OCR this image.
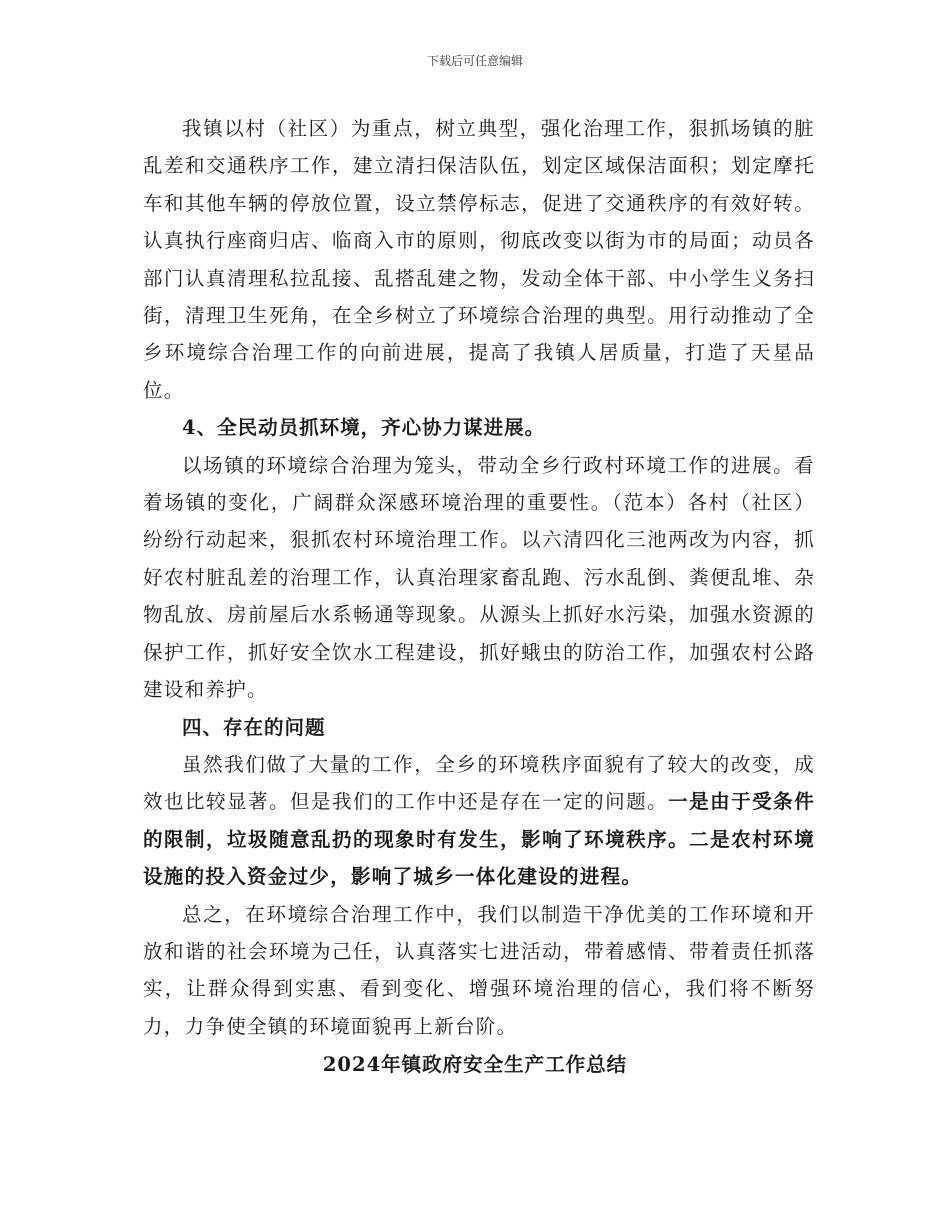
下载后可任意编辑

我镇以村（社区）为重点，树立典型，强化治理工作，狠抓场镇的脏乱差和交通秩序工作，建立清扫保洁队伍，划定区域保洁面积；划定摩托车和其他车辆的停放位置，设立禁停标志，促进了交通秩序的有效好转。认真执行座商归店、临商入市的原则，彻底改变以街为市的局面；动员各部门认真清理私拉乱接、乱搭乱建之物，发动全体干部、中小学生义务扫街，清理卫生死角，在全乡树立了环境综合治理的典型。用行动推动了全乡环境综合治理工作的向前进展，提高了我镇人居质量，打造了天星品位。

4、全民动员抓环境，齐心协力谋进展。

以场镇的环境综合治理为笼头，带动全乡行政村环境工作的进展。看着场镇的变化，广阔群众深感环境治理的重要性。（范本）各村（社区）纷纷行动起来，狠抓农村环境治理工作。以六清四化三池两改为内容，抓好农村脏乱差的治理工作，认真治理家畜乱跑、污水乱倒、粪便乱堆、杂物乱放、房前屋后水系畅通等现象。从源头上抓好水污染，加强水资源的保护工作，抓好安全饮水工程建设，抓好蛾虫的防治工作，加强农村公路建设和养护。

四、存在的问题

虽然我们做了大量的工作，全乡的环境秩序面貌有了较大的改变，成效也比较显著。但是我们的工作中还是存在一定的问题。一是由于受条件的限制，垃圾随意乱扔的现象时有发生，影响了环境秩序。二是农村环境设施的投入资金过少，影响了城乡一体化建设的进程。

总之，在环境综合治理工作中，我们以制造干净优美的工作环境和开放和谐的社会环境为己任，认真落实七进活动，带着感情、带着责任抓落实，让群众得到实惠、看到变化、增强环境治理的信心，我们将不断努力，力争使全镇的环境面貌再上新台阶。

2024年镇政府安全生产工作总结
